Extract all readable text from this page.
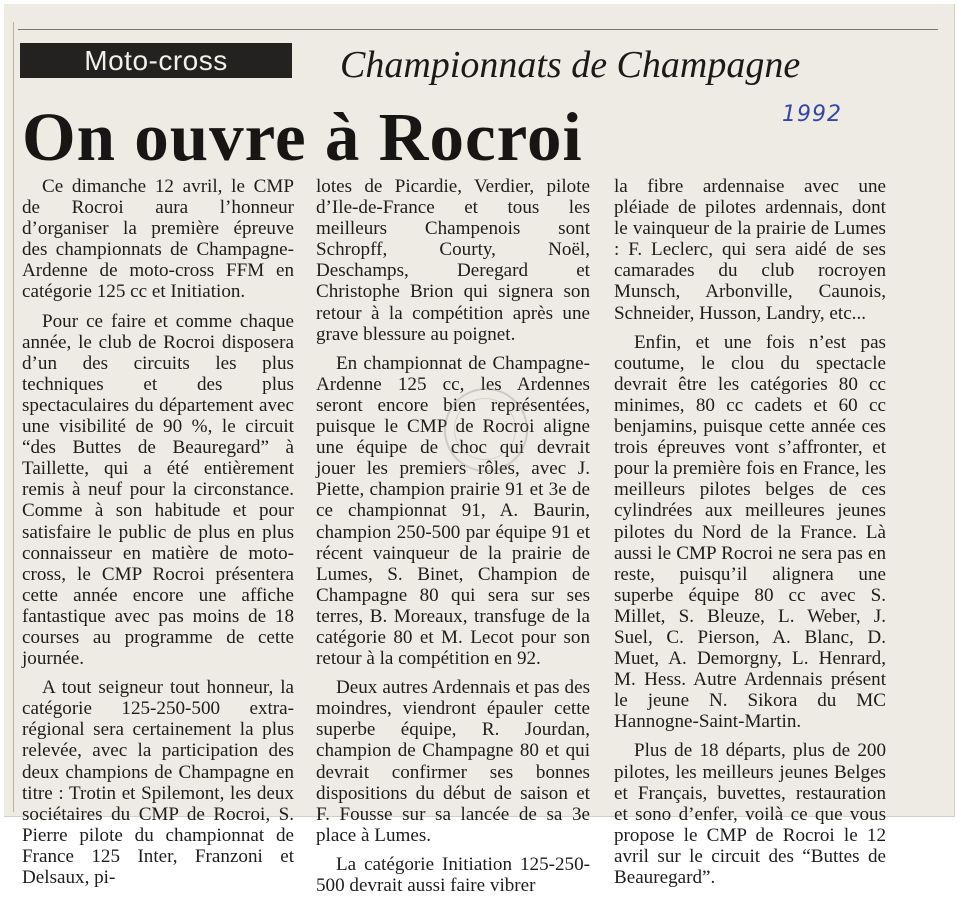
Moto-cross	Championnats de Champagne
On ouvre à Rocroi	1992

Ce dimanche 12 avril, le CMP de Rocroi aura l’honneur d’organiser la première épreuve des championnats de Champagne-Ardenne de moto-cross FFM en catégorie 125 cc et Initiation.

Pour ce faire et comme chaque année, le club de Rocroi disposera d’un des circuits les plus techniques et des plus spectaculaires du département avec une visibilité de 90 %, le circuit “des Buttes de Beauregard” à Taillette, qui a été entièrement remis à neuf pour la circonstance. Comme à son habitude et pour satisfaire le public de plus en plus connaisseur en matière de moto-cross, le CMP Rocroi présentera cette année encore une affiche fantastique avec pas moins de 18 courses au programme de cette journée.

A tout seigneur tout honneur, la catégorie 125-250-500 extra-régional sera certainement la plus relevée, avec la participation des deux champions de Champagne en titre : Trotin et Spilemont, les deux sociétaires du CMP de Rocroi, S. Pierre pilote du championnat de France 125 Inter, Franzoni et Delsaux, pi-

lotes de Picardie, Verdier, pilote d’Ile-de-France et tous les meilleurs Champenois sont Schropff, Courty, Noël, Deschamps, Deregard et Christophe Brion qui signera son retour à la compétition après une grave blessure au poignet.

En championnat de Champagne-Ardenne 125 cc, les Ardennes seront encore bien représentées, puisque le CMP de Rocroi aligne une équipe de choc qui devrait jouer les premiers rôles, avec J. Piette, champion prairie 91 et 3e de ce championnat 91, A. Baurin, champion 250-500 par équipe 91 et récent vainqueur de la prairie de Lumes, S. Binet, Champion de Champagne 80 qui sera sur ses terres, B. Moreaux, transfuge de la catégorie 80 et M. Lecot pour son retour à la compétition en 92.

Deux autres Ardennais et pas des moindres, viendront épauler cette superbe équipe, R. Jourdan, champion de Champagne 80 et qui devrait confirmer ses bonnes dispositions du début de saison et F. Fousse sur sa lancée de sa 3e place à Lumes.

La catégorie Initiation 125-250-500 devrait aussi faire vibrer

la fibre ardennaise avec une pléiade de pilotes ardennais, dont le vainqueur de la prairie de Lumes : F. Leclerc, qui sera aidé de ses camarades du club rocroyen Munsch, Arbonville, Caunois, Schneider, Husson, Landry, etc...

Enfin, et une fois n’est pas coutume, le clou du spectacle devrait être les catégories 80 cc minimes, 80 cc cadets et 60 cc benjamins, puisque cette année ces trois épreuves vont s’affronter, et pour la première fois en France, les meilleurs pilotes belges de ces cylindrées aux meilleures jeunes pilotes du Nord de la France. Là aussi le CMP Rocroi ne sera pas en reste, puisqu’il alignera une superbe équipe 80 cc avec S. Millet, S. Bleuze, L. Weber, J. Suel, C. Pierson, A. Blanc, D. Muet, A. Demorgny, L. Henrard, M. Hess. Autre Ardennais présent le jeune N. Sikora du MC Hannogne-Saint-Martin.

Plus de 18 départs, plus de 200 pilotes, les meilleurs jeunes Belges et Français, buvettes, restauration et sono d’enfer, voilà ce que vous propose le CMP de Rocroi le 12 avril sur le circuit des “Buttes de Beauregard”.
